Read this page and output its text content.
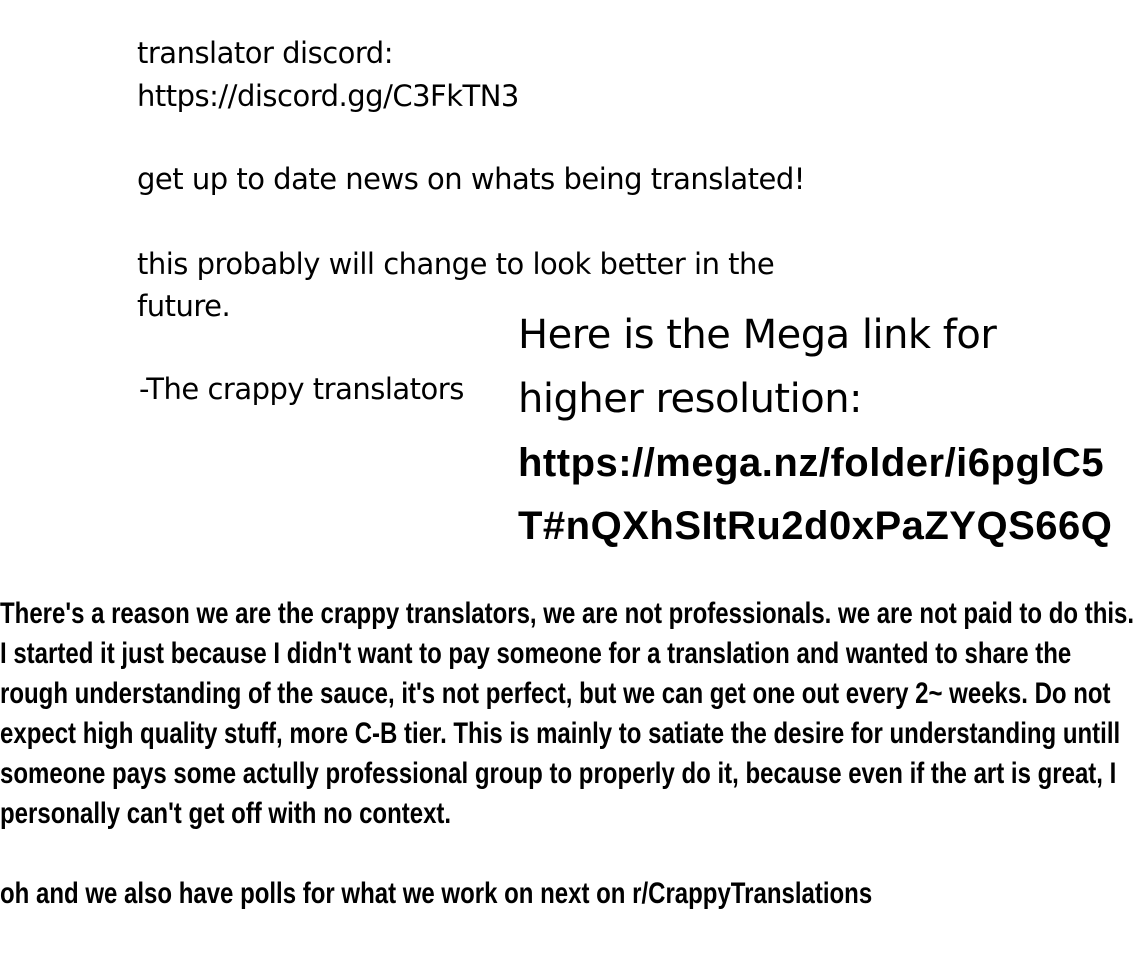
translator discord:
https://discord.gg/C3FkTN3
get up to date news on whats being translated!
this probably will change to look better in the
future.
-The crappy translators
Here is the Mega link for higher resolution:
https://mega.nz/folder/i6pglC5
T#nQXhSItRu2d0xPaZYQS66Q
There's a reason we are the crappy translators, we are not professionals. we are not paid to do this. I started it just because I didn't want to pay someone for a translation and wanted to share the rough understanding of the sauce, it's not perfect, but we can get one out every 2~ weeks. Do not expect high quality stuff, more C-B tier. This is mainly to satiate the desire for understanding untill someone pays some actully professional group to properly do it, because even if the art is great, I personally can't get off with no context.
oh and we also have polls for what we work on next on r/CrappyTranslations
